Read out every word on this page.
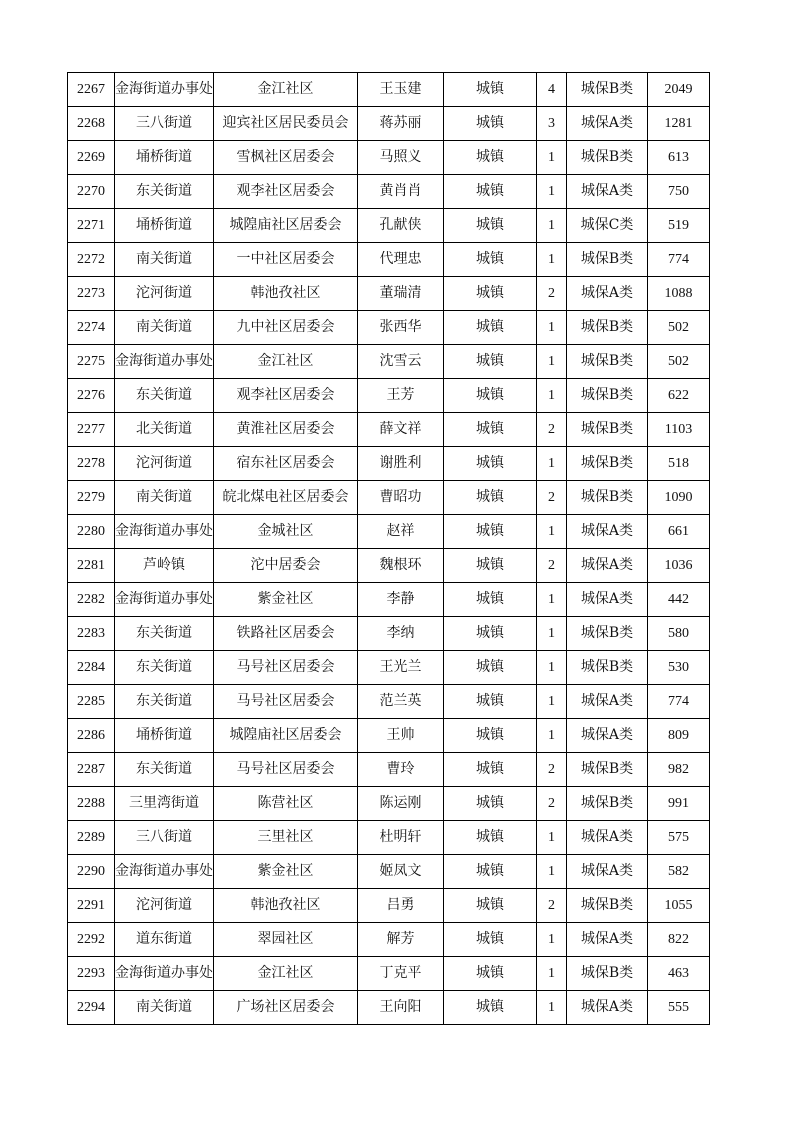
2267	金海街道办事处	金江社区	王玉建	城镇	4	城保B类	2049
2268	三八街道	迎宾社区居民委员会	蒋苏丽	城镇	3	城保A类	1281
2269	埇桥街道	雪枫社区居委会	马照义	城镇	1	城保B类	613
2270	东关街道	观李社区居委会	黄肖肖	城镇	1	城保A类	750
2271	埇桥街道	城隍庙社区居委会	孔献侠	城镇	1	城保C类	519
2272	南关街道	一中社区居委会	代理忠	城镇	1	城保B类	774
2273	沱河街道	韩池孜社区	董瑞清	城镇	2	城保A类	1088
2274	南关街道	九中社区居委会	张西华	城镇	1	城保B类	502
2275	金海街道办事处	金江社区	沈雪云	城镇	1	城保B类	502
2276	东关街道	观李社区居委会	王芳	城镇	1	城保B类	622
2277	北关街道	黄淮社区居委会	薛文祥	城镇	2	城保B类	1103
2278	沱河街道	宿东社区居委会	谢胜利	城镇	1	城保B类	518
2279	南关街道	皖北煤电社区居委会	曹昭功	城镇	2	城保B类	1090
2280	金海街道办事处	金城社区	赵祥	城镇	1	城保A类	661
2281	芦岭镇	沱中居委会	魏根环	城镇	2	城保A类	1036
2282	金海街道办事处	紫金社区	李静	城镇	1	城保A类	442
2283	东关街道	铁路社区居委会	李纳	城镇	1	城保B类	580
2284	东关街道	马号社区居委会	王光兰	城镇	1	城保B类	530
2285	东关街道	马号社区居委会	范兰英	城镇	1	城保A类	774
2286	埇桥街道	城隍庙社区居委会	王帅	城镇	1	城保A类	809
2287	东关街道	马号社区居委会	曹玲	城镇	2	城保B类	982
2288	三里湾街道	陈营社区	陈运刚	城镇	2	城保B类	991
2289	三八街道	三里社区	杜明轩	城镇	1	城保A类	575
2290	金海街道办事处	紫金社区	姬凤文	城镇	1	城保A类	582
2291	沱河街道	韩池孜社区	吕勇	城镇	2	城保B类	1055
2292	道东街道	翠园社区	解芳	城镇	1	城保A类	822
2293	金海街道办事处	金江社区	丁克平	城镇	1	城保B类	463
2294	南关街道	广场社区居委会	王向阳	城镇	1	城保A类	555
